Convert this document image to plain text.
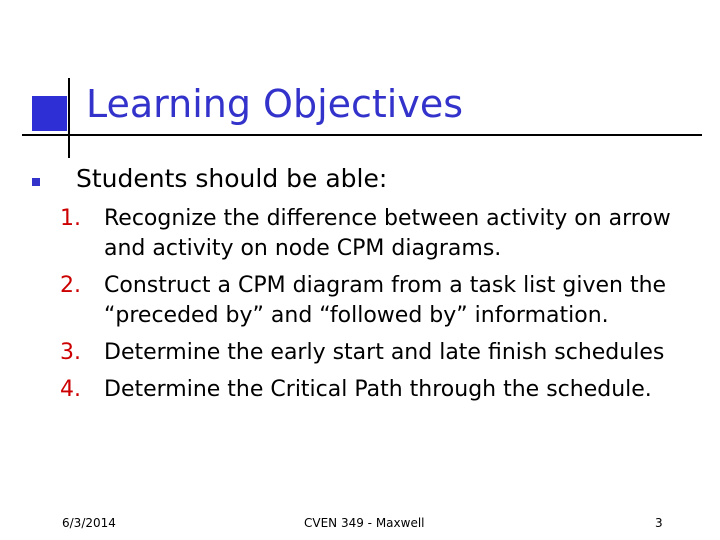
Learning Objectives
Students should be able:
1. Recognize the difference between activity on arrow and activity on node CPM diagrams.
2. Construct a CPM diagram from a task list given the “preceded by” and “followed by” information.
3. Determine the early start and late finish schedules
4. Determine the Critical Path through the schedule.
6/3/2014	CVEN 349 - Maxwell	3
